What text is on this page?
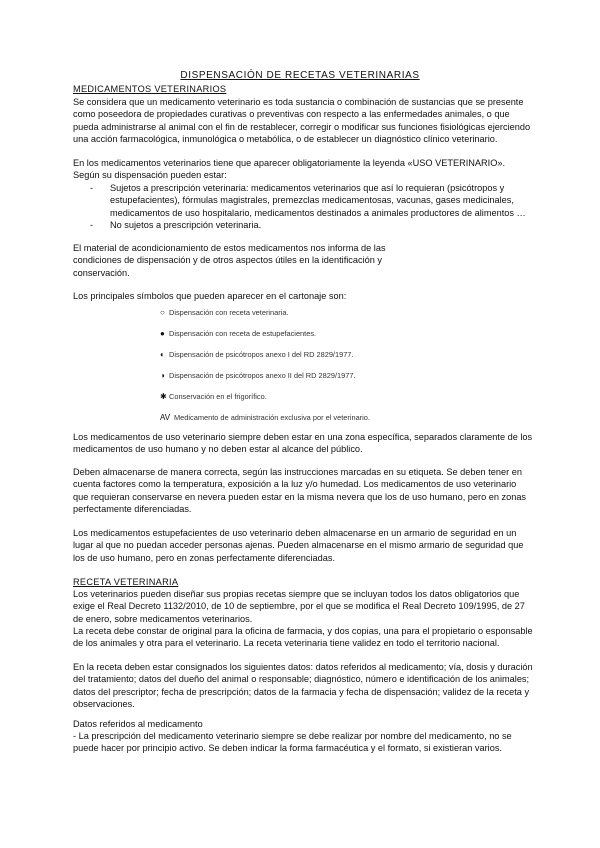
DISPENSACIÓN DE RECETAS VETERINARIAS
MEDICAMENTOS VETERINARIOS

Se considera que un medicamento veterinario es toda sustancia o combinación de sustancias que se presente como poseedora de propiedades curativas o preventivas con respecto a las enfermedades animales, o que pueda administrarse al animal con el fin de restablecer, corregir o modificar sus funciones fisiológicas ejerciendo una acción farmacológica, inmunológica o metabólica, o de establecer un diagnóstico clínico veterinario.

En los medicamentos veterinarios tiene que aparecer obligatoriamente la leyenda «USO VETERINARIO». Según su dispensación pueden estar:

- Sujetos a prescripción veterinaria: medicamentos veterinarios que así lo requieran (psicótropos y estupefacientes), fórmulas magistrales, premezclas medicamentosas, vacunas, gases medicinales, medicamentos de uso hospitalario, medicamentos destinados a animales productores de alimentos …
- No sujetos a prescripción veterinaria.

El material de acondicionamiento de estos medicamentos nos informa de las condiciones de dispensación y de otros aspectos útiles en la identificación y conservación.

Los principales símbolos que pueden aparecer en el cartonaje son:

○ Dispensación con receta veterinaria.
● Dispensación con receta de estupefacientes.
◐ Dispensación de psicótropos anexo I del RD 2829/1977.
◑ Dispensación de psicótropos anexo II del RD 2829/1977.
✱ Conservación en el frigorífico.
AV Medicamento de administración exclusiva por el veterinario.

Los medicamentos de uso veterinario siempre deben estar en una zona específica, separados claramente de los medicamentos de uso humano y no deben estar al alcance del público.

Deben almacenarse de manera correcta, según las instrucciones marcadas en su etiqueta. Se deben tener en cuenta factores como la temperatura, exposición a la luz y/o humedad. Los medicamentos de uso veterinario que requieran conservarse en nevera pueden estar en la misma nevera que los de uso humano, pero en zonas perfectamente diferenciadas.

Los medicamentos estupefacientes de uso veterinario deben almacenarse en un armario de seguridad en un lugar al que no puedan acceder personas ajenas. Pueden almacenarse en el mismo armario de seguridad que los de uso humano, pero en zonas perfectamente diferenciadas.

RECETA VETERINARIA

Los veterinarios pueden diseñar sus propias recetas siempre que se incluyan todos los datos obligatorios que exige el Real Decreto 1132/2010, de 10 de septiembre, por el que se modifica el Real Decreto 109/1995, de 27 de enero, sobre medicamentos veterinarios.

La receta debe constar de original para la oficina de farmacia, y dos copias, una para el propietario o esponsable de los animales y otra para el veterinario. La receta veterinaria tiene validez en todo el territorio nacional.

En la receta deben estar consignados los siguientes datos: datos referidos al medicamento; vía, dosis y duración del tratamiento; datos del dueño del animal o responsable; diagnóstico, número e identificación de los animales; datos del prescriptor; fecha de prescripción; datos de la farmacia y fecha de dispensación; validez de la receta y observaciones.

Datos referidos al medicamento

- La prescripción del medicamento veterinario siempre se debe realizar por nombre del medicamento, no se puede hacer por principio activo. Se deben indicar la forma farmacéutica y el formato, si existieran varios.
